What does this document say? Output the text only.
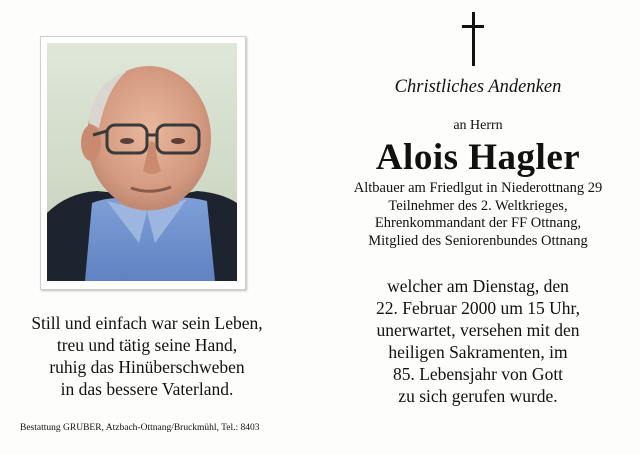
Still und einfach war sein Leben,
treu und tätig seine Hand,
ruhig das Hinüberschweben
in das bessere Vaterland.
Bestattung GRUBER, Atzbach-Ottnang/Bruckmühl, Tel.: 8403
Christliches Andenken
an Herrn
Alois Hagler
Altbauer am Friedlgut in Niederottnang 29
Teilnehmer des 2. Weltkrieges,
Ehrenkommandant der FF Ottnang,
Mitglied des Seniorenbundes Ottnang
welcher am Dienstag, den
22. Februar 2000 um 15 Uhr,
unerwartet, versehen mit den
heiligen Sakramenten, im
85. Lebensjahr von Gott
zu sich gerufen wurde.
